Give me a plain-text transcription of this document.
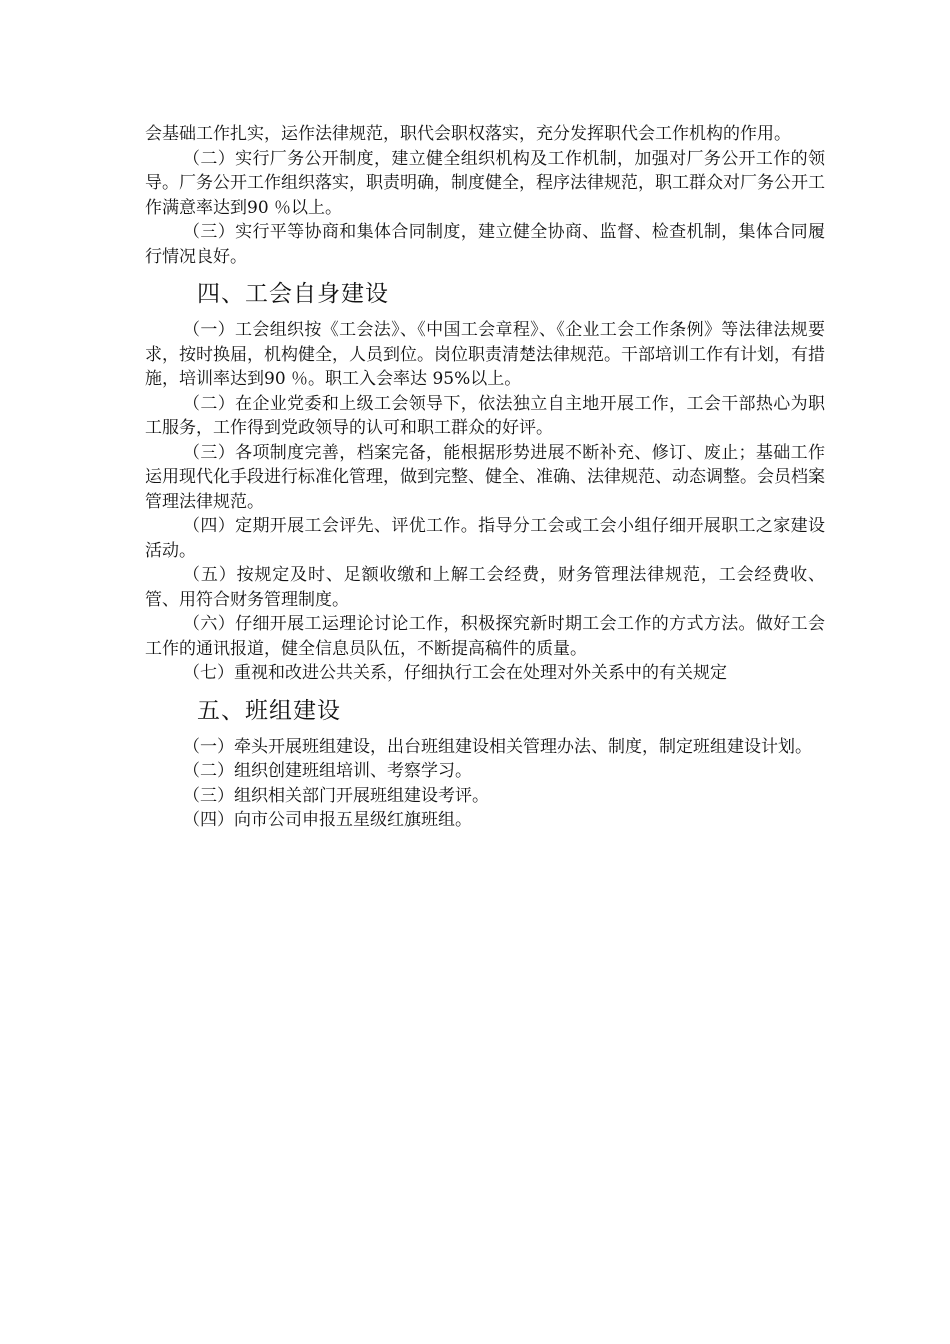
会基础工作扎实，运作法律规范，职代会职权落实，充分发挥职代会工作机构的作用。

（二）实行厂务公开制度，建立健全组织机构及工作机制，加强对厂务公开工作的领导。厂务公开工作组织落实，职责明确，制度健全，程序法律规范，职工群众对厂务公开工作满意率达到90 ％以上。

（三）实行平等协商和集体合同制度，建立健全协商、监督、检查机制，集体合同履行情况良好。

四、工会自身建设

（一）工会组织按《工会法》、《中国工会章程》、《企业工会工作条例》等法律法规要求，按时换届，机构健全，人员到位。岗位职责清楚法律规范。干部培训工作有计划，有措施，培训率达到90 ％。职工入会率达 95%以上。

（二）在企业党委和上级工会领导下，依法独立自主地开展工作，工会干部热心为职工服务，工作得到党政领导的认可和职工群众的好评。

（三）各项制度完善，档案完备，能根据形势进展不断补充、修订、废止；基础工作运用现代化手段进行标准化管理，做到完整、健全、准确、法律规范、动态调整。会员档案管理法律规范。

（四）定期开展工会评先、评优工作。指导分工会或工会小组仔细开展职工之家建设活动。

（五）按规定及时、足额收缴和上解工会经费，财务管理法律规范，工会经费收、管、用符合财务管理制度。

（六）仔细开展工运理论讨论工作，积极探究新时期工会工作的方式方法。做好工会工作的通讯报道，健全信息员队伍，不断提高稿件的质量。

（七）重视和改进公共关系，仔细执行工会在处理对外关系中的有关规定

五、班组建设

（一）牵头开展班组建设，出台班组建设相关管理办法、制度，制定班组建设计划。

（二）组织创建班组培训、考察学习。

（三）组织相关部门开展班组建设考评。

（四）向市公司申报五星级红旗班组。
